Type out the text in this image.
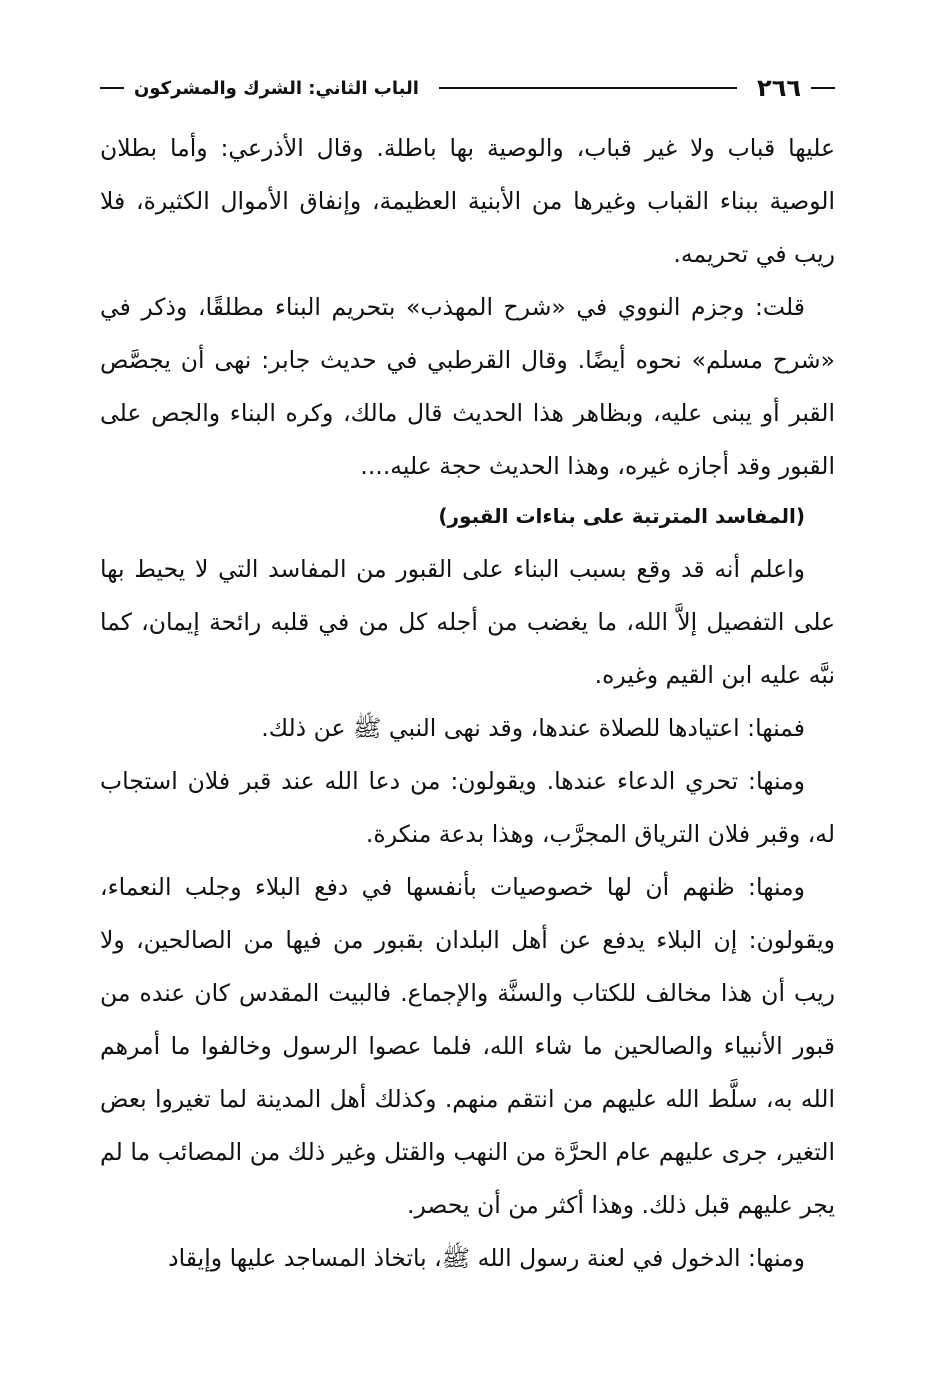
٢٦٦
الباب الثاني: الشرك والمشركون

عليها قباب ولا غير قباب، والوصية بها باطلة. وقال الأذرعي: وأما بطلان الوصية ببناء القباب وغيرها من الأبنية العظيمة، وإنفاق الأموال الكثيرة، فلا ريب في تحريمه.

قلت: وجزم النووي في «شرح المهذب» بتحريم البناء مطلقًا، وذكر في «شرح مسلم» نحوه أيضًا. وقال القرطبي في حديث جابر: نهى أن يجصَّص القبر أو يبنى عليه، وبظاهر هذا الحديث قال مالك، وكره البناء والجص على القبور وقد أجازه غيره، وهذا الحديث حجة عليه....

(المفاسد المترتبة على بناءات القبور)

واعلم أنه قد وقع بسبب البناء على القبور من المفاسد التي لا يحيط بها على التفصيل إلاَّ الله، ما يغضب من أجله كل من في قلبه رائحة إيمان، كما نبَّه عليه ابن القيم وغيره.

فمنها: اعتيادها للصلاة عندها، وقد نهى النبي ﷺ عن ذلك.

ومنها: تحري الدعاء عندها. ويقولون: من دعا الله عند قبر فلان استجاب له، وقبر فلان الترياق المجرَّب، وهذا بدعة منكرة.

ومنها: ظنهم أن لها خصوصيات بأنفسها في دفع البلاء وجلب النعماء، ويقولون: إن البلاء يدفع عن أهل البلدان بقبور من فيها من الصالحين، ولا ريب أن هذا مخالف للكتاب والسنَّة والإجماع. فالبيت المقدس كان عنده من قبور الأنبياء والصالحين ما شاء الله، فلما عصوا الرسول وخالفوا ما أمرهم الله به، سلَّط الله عليهم من انتقم منهم. وكذلك أهل المدينة لما تغيروا بعض التغير، جرى عليهم عام الحرَّة من النهب والقتل وغير ذلك من المصائب ما لم يجر عليهم قبل ذلك. وهذا أكثر من أن يحصر.

ومنها: الدخول في لعنة رسول الله ﷺ، باتخاذ المساجد عليها وإيقاد
